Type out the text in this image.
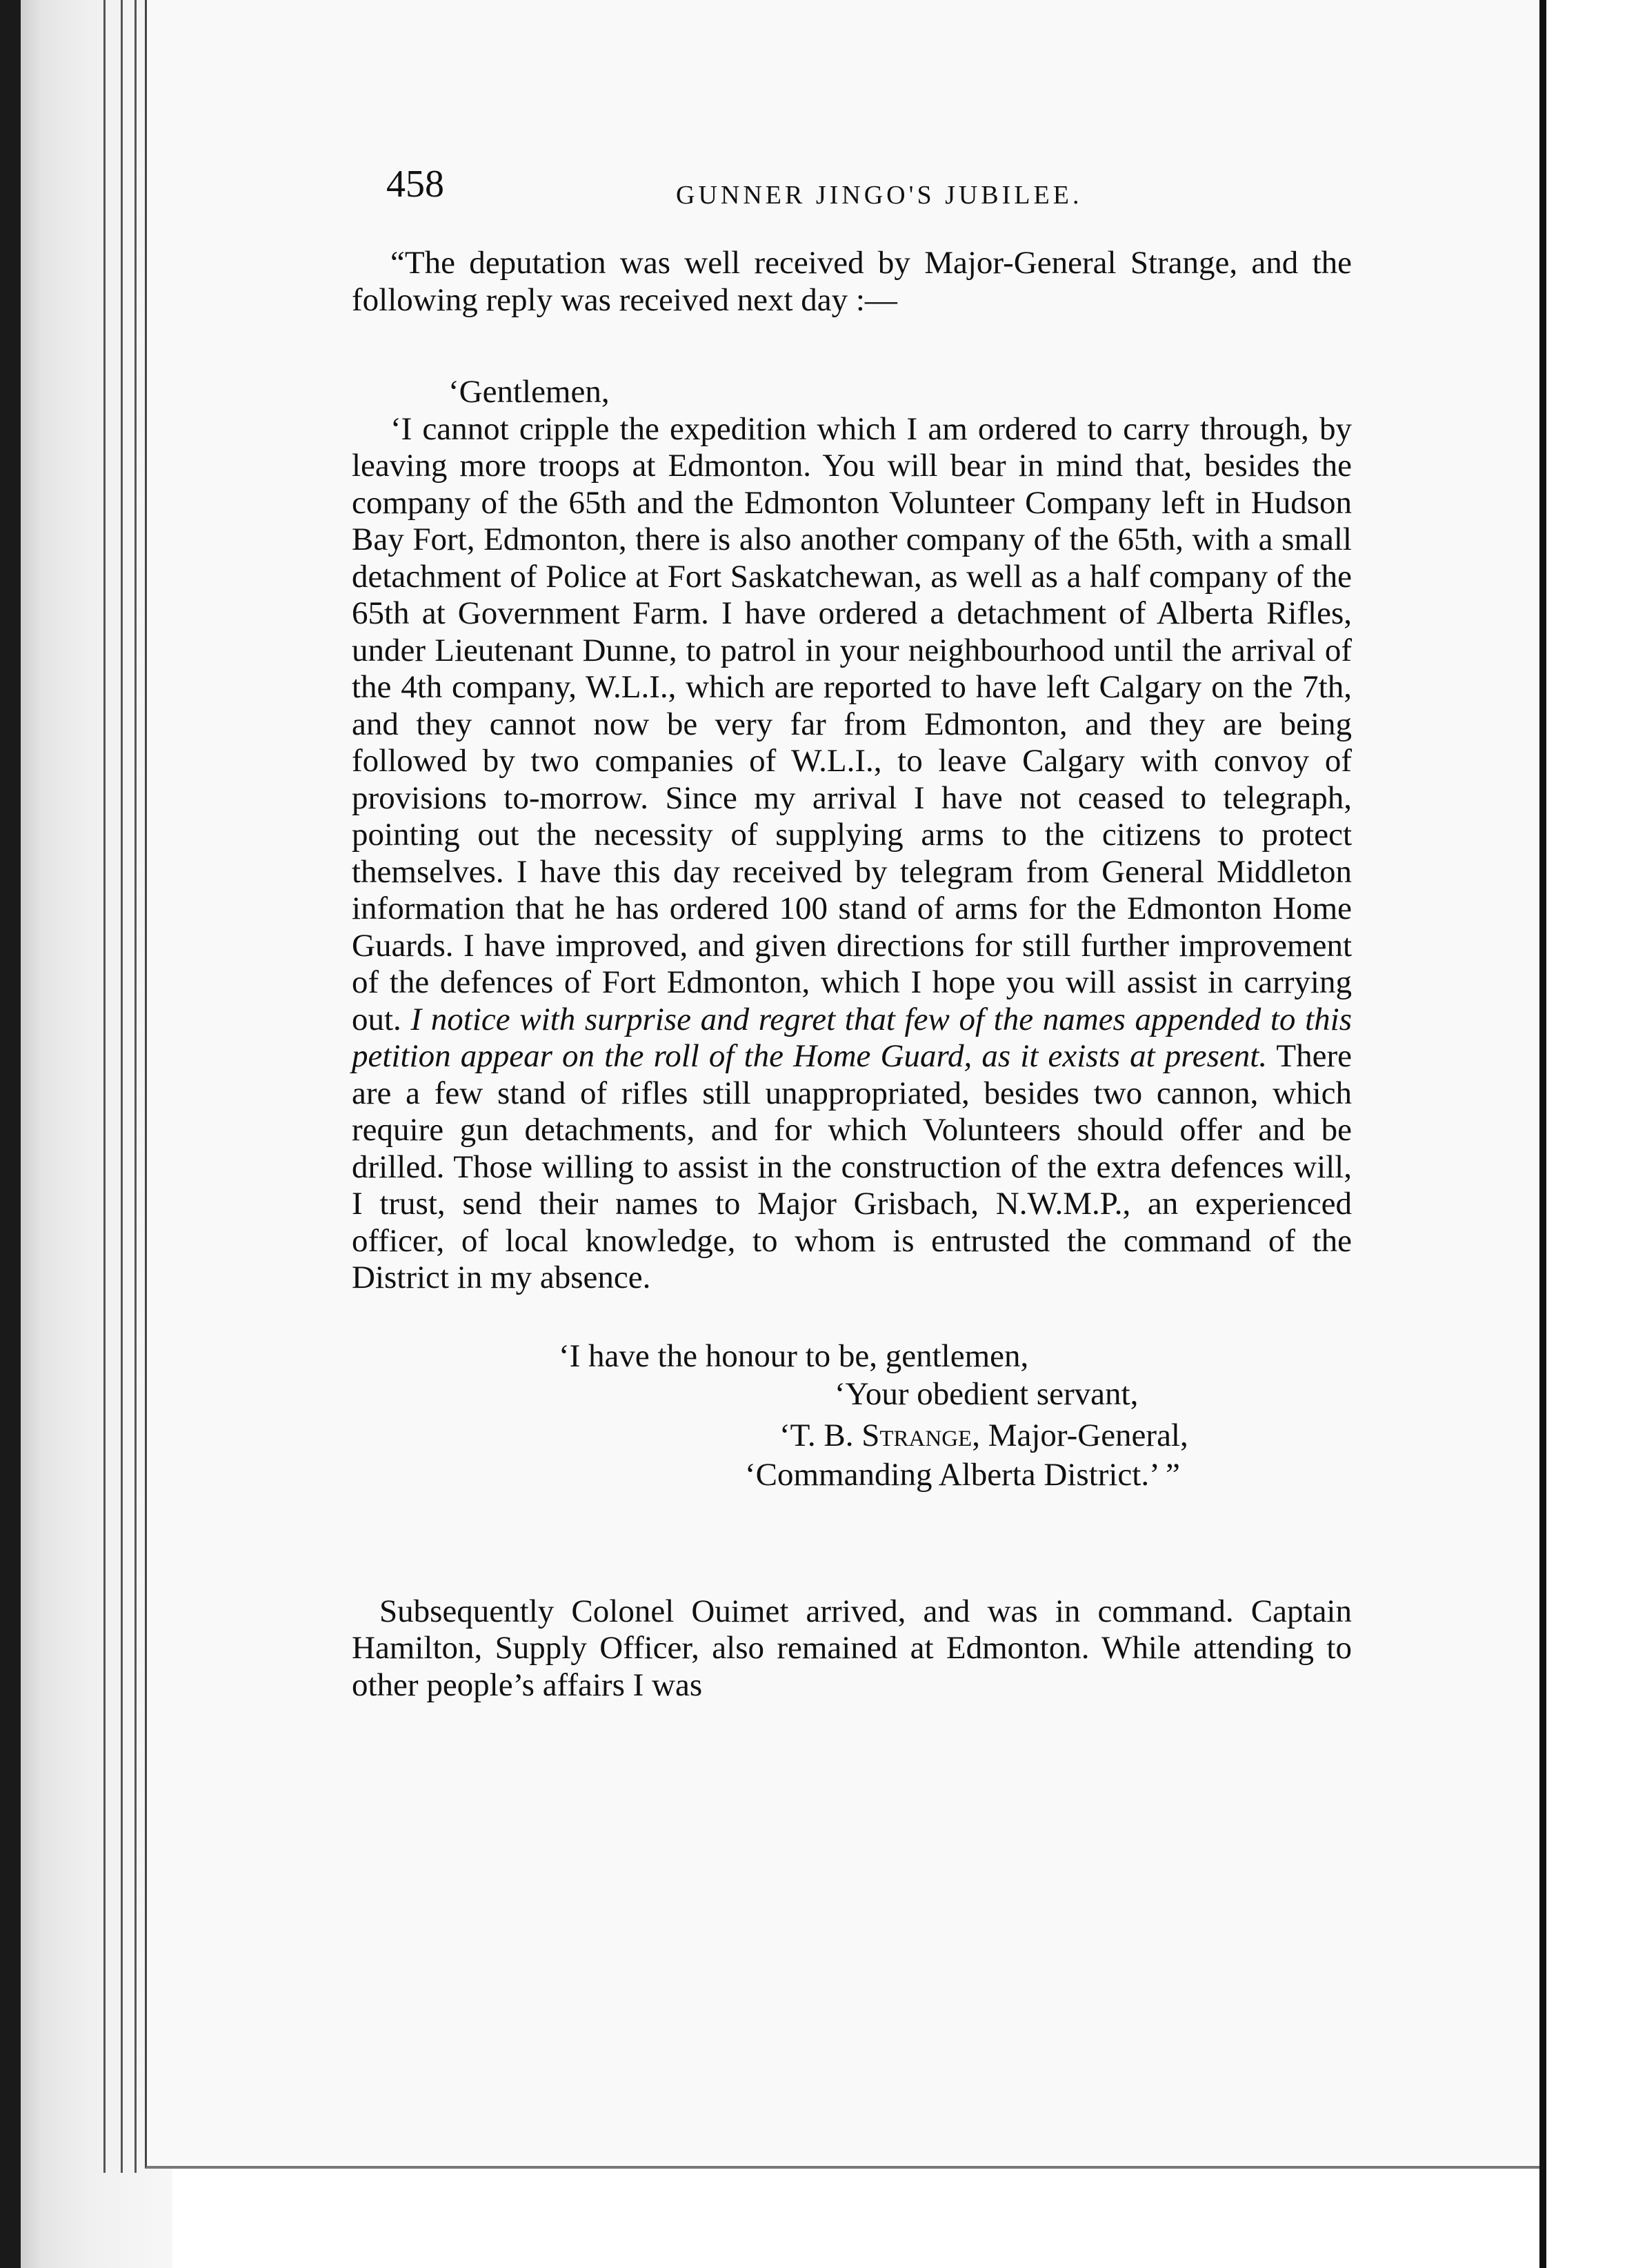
458	GUNNER JINGO'S JUBILEE.

“The deputation was well received by Major-General Strange, and the following reply was received next day :—

‘Gentlemen,

‘I cannot cripple the expedition which I am ordered to carry through, by leaving more troops at Edmonton. You will bear in mind that, besides the company of the 65th and the Edmonton Volunteer Company left in Hudson Bay Fort, Edmonton, there is also another company of the 65th, with a small detachment of Police at Fort Saskatchewan, as well as a half company of the 65th at Government Farm. I have ordered a detachment of Alberta Rifles, under Lieutenant Dunne, to patrol in your neighbourhood until the arrival of the 4th company, W.L.I., which are reported to have left Calgary on the 7th, and they cannot now be very far from Edmonton, and they are being followed by two companies of W.L.I., to leave Calgary with convoy of provisions to-morrow. Since my arrival I have not ceased to telegraph, pointing out the necessity of supplying arms to the citizens to protect themselves. I have this day received by telegram from General Middleton information that he has ordered 100 stand of arms for the Edmonton Home Guards. I have improved, and given directions for still further improvement of the defences of Fort Edmonton, which I hope you will assist in carrying out. I notice with surprise and regret that few of the names appended to this petition appear on the roll of the Home Guard, as it exists at present. There are a few stand of rifles still unappropriated, besides two cannon, which require gun detachments, and for which Volunteers should offer and be drilled. Those willing to assist in the construction of the extra defences will, I trust, send their names to Major Grisbach, N.W.M.P., an experienced officer, of local knowledge, to whom is entrusted the command of the District in my absence.

‘I have the honour to be, gentlemen,
‘Your obedient servant,
‘T. B. Strange, Major-General,
‘Commanding Alberta District.’ ”

Subsequently Colonel Ouimet arrived, and was in command. Captain Hamilton, Supply Officer, also remained at Edmonton. While attending to other people’s affairs I was
